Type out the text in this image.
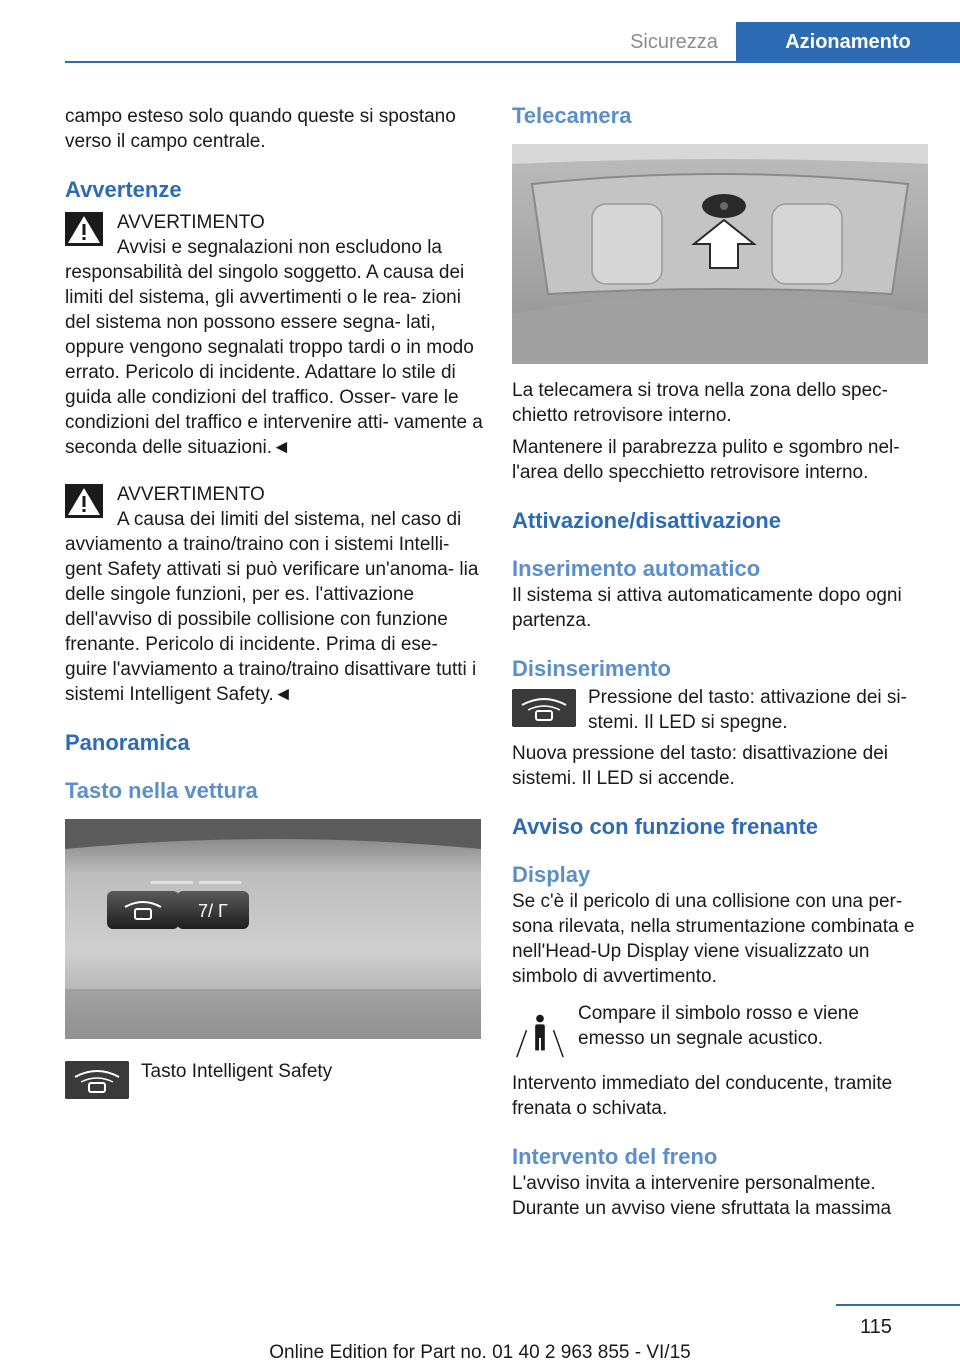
Sicurezza	Azionamento

campo esteso solo quando queste si spostano verso il campo centrale.

Avvertenze
AVVERTIMENTO

Avvisi e segnalazioni non escludono la responsabilità del singolo soggetto. A causa dei limiti del sistema, gli avvertimenti o le rea- zioni del sistema non possono essere segna- lati, oppure vengono segnalati troppo tardi o in modo errato. Pericolo di incidente. Adattare lo stile di guida alle condizioni del traffico. Osser- vare le condizioni del traffico e intervenire atti- vamente a seconda delle situazioni.◄

AVVERTIMENTO

A causa dei limiti del sistema, nel caso di avviamento a traino/traino con i sistemi Intelli- gent Safety attivati si può verificare un'anoma- lia delle singole funzioni, per es. l'attivazione dell'avviso di possibile collisione con funzione frenante. Pericolo di incidente. Prima di ese- guire l'avviamento a traino/traino disattivare tutti i sistemi Intelligent Safety.◄

Panoramica
Tasto nella vettura
7/ Γ

Tasto Intelligent Safety

Telecamera

La telecamera si trova nella zona dello spec- chietto retrovisore interno.

Mantenere il parabrezza pulito e sgombro nel- l'area dello specchietto retrovisore interno.

Attivazione/disattivazione
Inserimento automatico

Il sistema si attiva automaticamente dopo ogni partenza.

Disinserimento

Pressione del tasto: attivazione dei si- stemi. Il LED si spegne.

Nuova pressione del tasto: disattivazione dei sistemi. Il LED si accende.

Avviso con funzione frenante
Display

Se c'è il pericolo di una collisione con una per- sona rilevata, nella strumentazione combinata e nell'Head-Up Display viene visualizzato un simbolo di avvertimento.

Compare il simbolo rosso e viene emesso un segnale acustico.

Intervento immediato del conducente, tramite frenata o schivata.

Intervento del freno

L'avviso invita a intervenire personalmente. Durante un avviso viene sfruttata la massima

115
Online Edition for Part no. 01 40 2 963 855 - VI/15
